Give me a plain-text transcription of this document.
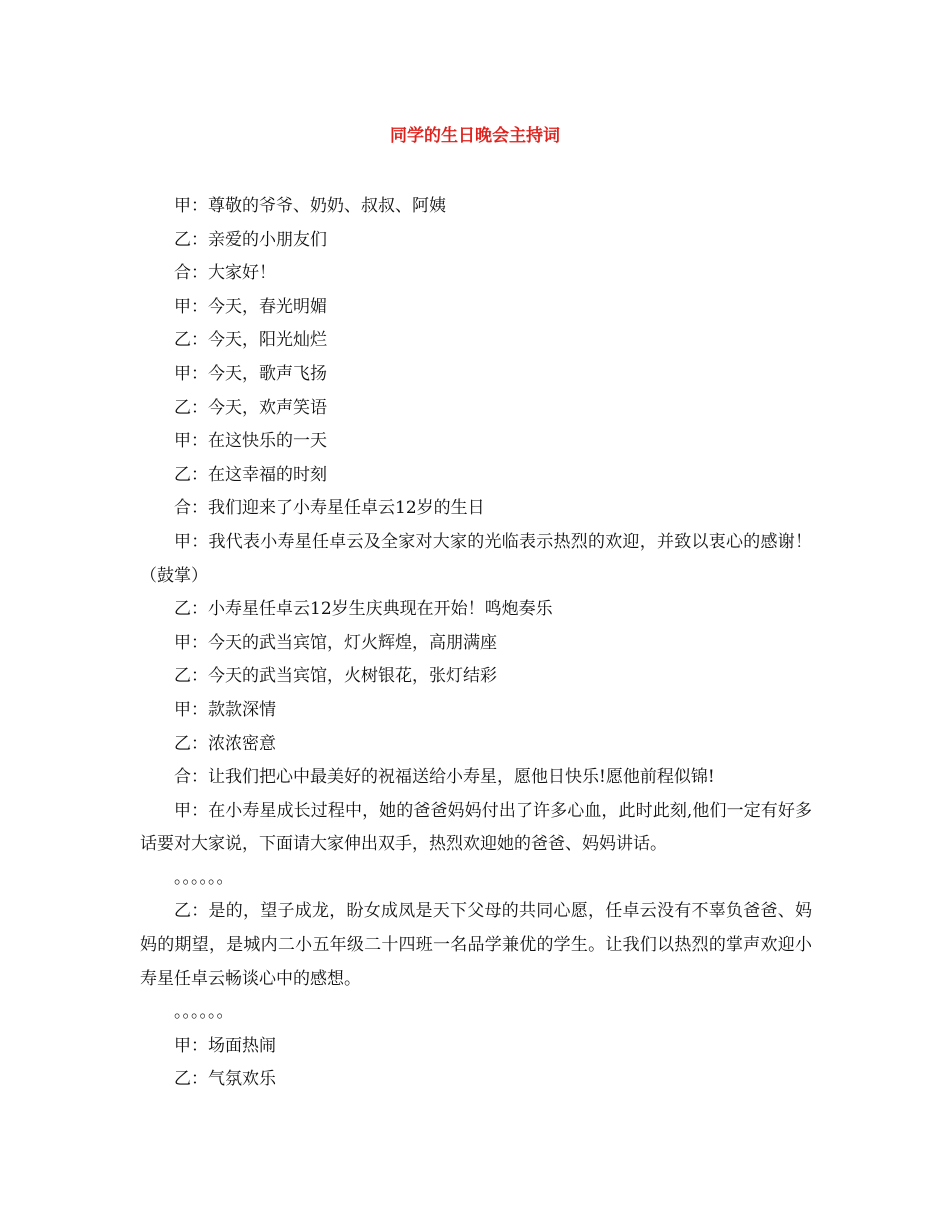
同学的生日晚会主持词

甲：尊敬的爷爷、奶奶、叔叔、阿姨

乙：亲爱的小朋友们

合：大家好！

甲：今天，春光明媚

乙：今天，阳光灿烂

甲：今天，歌声飞扬

乙：今天，欢声笑语

甲：在这快乐的一天

乙：在这幸福的时刻

合：我们迎来了小寿星任卓云12岁的生日

甲：我代表小寿星任卓云及全家对大家的光临表示热烈的欢迎，并致以衷心的感谢！（鼓掌）

乙：小寿星任卓云12岁生庆典现在开始！鸣炮奏乐

甲：今天的武当宾馆，灯火辉煌，高朋满座

乙：今天的武当宾馆，火树银花，张灯结彩

甲：款款深情

乙：浓浓密意

合：让我们把心中最美好的祝福送给小寿星，愿他日快乐!愿他前程似锦!

甲：在小寿星成长过程中，她的爸爸妈妈付出了许多心血，此时此刻,他们一定有好多话要对大家说，下面请大家伸出双手，热烈欢迎她的爸爸、妈妈讲话。

。。。。。。

乙：是的，望子成龙，盼女成凤是天下父母的共同心愿，任卓云没有不辜负爸爸、妈妈的期望，是城内二小五年级二十四班一名品学兼优的学生。让我们以热烈的掌声欢迎小寿星任卓云畅谈心中的感想。

。。。。。。

甲：场面热闹

乙：气氛欢乐
